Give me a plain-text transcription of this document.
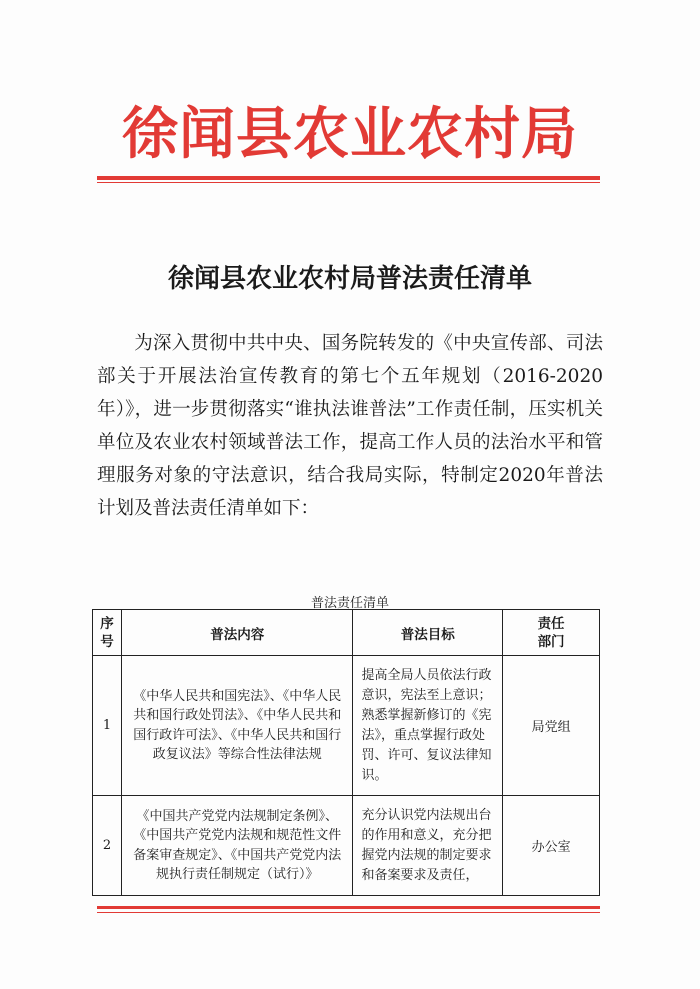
徐闻县农业农村局
徐闻县农业农村局普法责任清单
为深入贯彻中共中央、国务院转发的《中央宣传部、司法部关于开展法治宣传教育的第七个五年规划（2016-2020年）》，进一步贯彻落实“谁执法谁普法”工作责任制，压实机关单位及农业农村领域普法工作，提高工作人员的法治水平和管理服务对象的守法意识，结合我局实际，特制定2020年普法计划及普法责任清单如下：
普法责任清单
序号	普法内容	普法目标	责任部门
1	《中华人民共和国宪法》、《中华人民共和国行政处罚法》、《中华人民共和国行政许可法》、《中华人民共和国行政复议法》等综合性法律法规	提高全局人员依法行政意识，宪法至上意识；熟悉掌握新修订的《宪法》，重点掌握行政处罚、许可、复议法律知识。	局党组
2	《中国共产党党内法规制定条例》、《中国共产党党内法规和规范性文件备案审查规定》、《中国共产党党内法规执行责任制规定（试行）》	充分认识党内法规出台的作用和意义，充分把握党内法规的制定要求和备案要求及责任，	办公室
